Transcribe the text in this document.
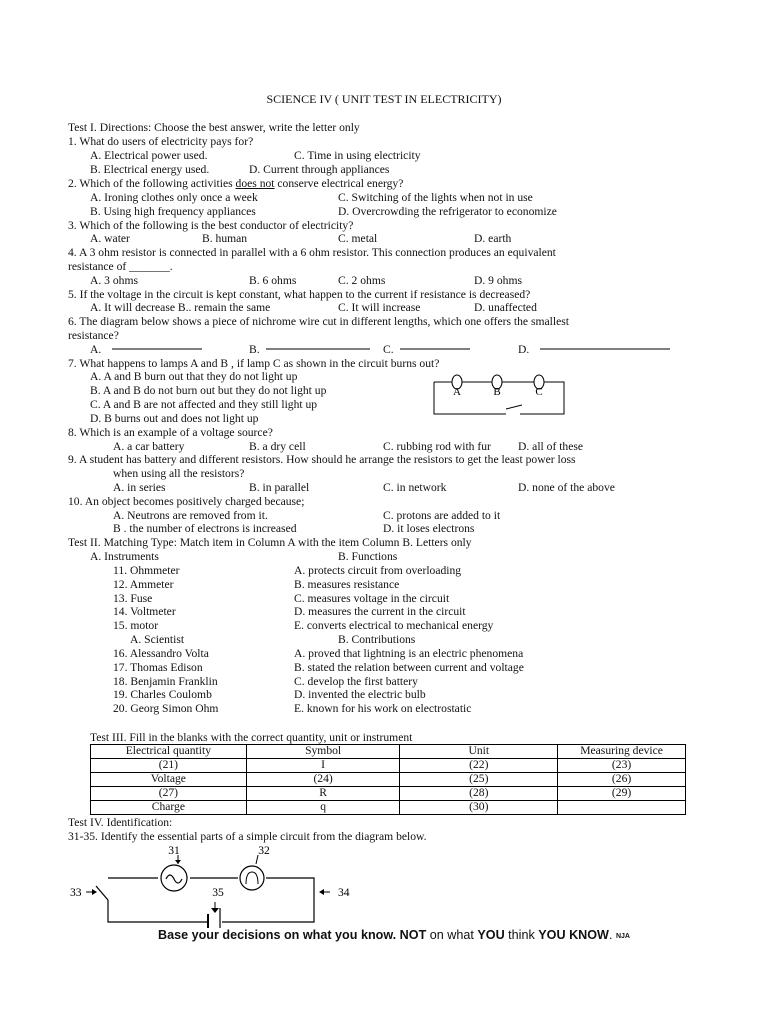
SCIENCE IV ( UNIT TEST IN ELECTRICITY)
Test I. Directions: Choose the best answer, write the letter only
1. What do users of electricity pays for?
A. Electrical power used.	C. Time in using electricity
B. Electrical energy used.	D. Current through appliances
2. Which of the following activities does not conserve electrical energy?
A. Ironing clothes only once a week	C. Switching of the lights when not in use
B. Using high frequency appliances	D. Overcrowding the refrigerator to economize
3. Which of the following is the best conductor of electricity?
A. water	B. human	C. metal	D. earth
4. A 3 ohm resistor is connected in parallel with a 6 ohm resistor. This connection produces an equivalent
resistance of _______.
A. 3 ohms	B. 6 ohms	C. 2 ohms	D. 9 ohms
5. If the voltage in the circuit is kept constant, what happen to the current if resistance is decreased?
A. It will decrease B.. remain the same	C. It will increase	D. unaffected
6. The diagram below shows a piece of nichrome wire cut in different lengths, which one offers the smallest
resistance?
A.	B.	C.	D.
7. What happens to lamps A and B , if lamp C as shown in the circuit burns out?
A. A and B burn out that they do not light up
B. A and B do not burn out but they do not light up
C. A and B are not affected and they still light up
D. B burns out and does not light up
A	B	C
8. Which is an example of a voltage source?
A. a car battery	B. a dry cell	C. rubbing rod with fur D. all of these
9. A student has battery and different resistors. How should he arrange the resistors to get the least power loss
when using all the resistors?
A. in series	B. in parallel	C. in network	D. none of the above
10. An object becomes positively charged because;
A. Neutrons are removed from it.	C. protons are added to it
B . the number of electrons is increased	D. it loses electrons
Test II. Matching Type: Match item in Column A with the item Column B. Letters only
A. Instruments	B. Functions
11. Ohmmeter	A. protects circuit from overloading
12. Ammeter	B. measures resistance
13. Fuse	C. measures voltage in the circuit
14. Voltmeter	D. measures the current in the circuit
15. motor	E. converts electrical to mechanical energy
A. Scientist	B. Contributions
16. Alessandro Volta	A. proved that lightning is an electric phenomena
17. Thomas Edison	B. stated the relation between current and voltage
18. Benjamin Franklin	C. develop the first battery
19. Charles Coulomb	D. invented the electric bulb
20. Georg Simon Ohm	E. known for his work on electrostatic
Test III. Fill in the blanks with the correct quantity, unit or instrument
Electrical quantity	Symbol	Unit	Measuring device
(21)	I	(22)	(23)
Voltage	(24)	(25)	(26)
(27)	R	(28)	(29)
Charge	q	(30)	
Test IV. Identification:
31-35. Identify the essential parts of a simple circuit from the diagram below.
31	32
33	34
35
Base your decisions on what you know. NOT on what YOU think YOU KNOW. NJA
